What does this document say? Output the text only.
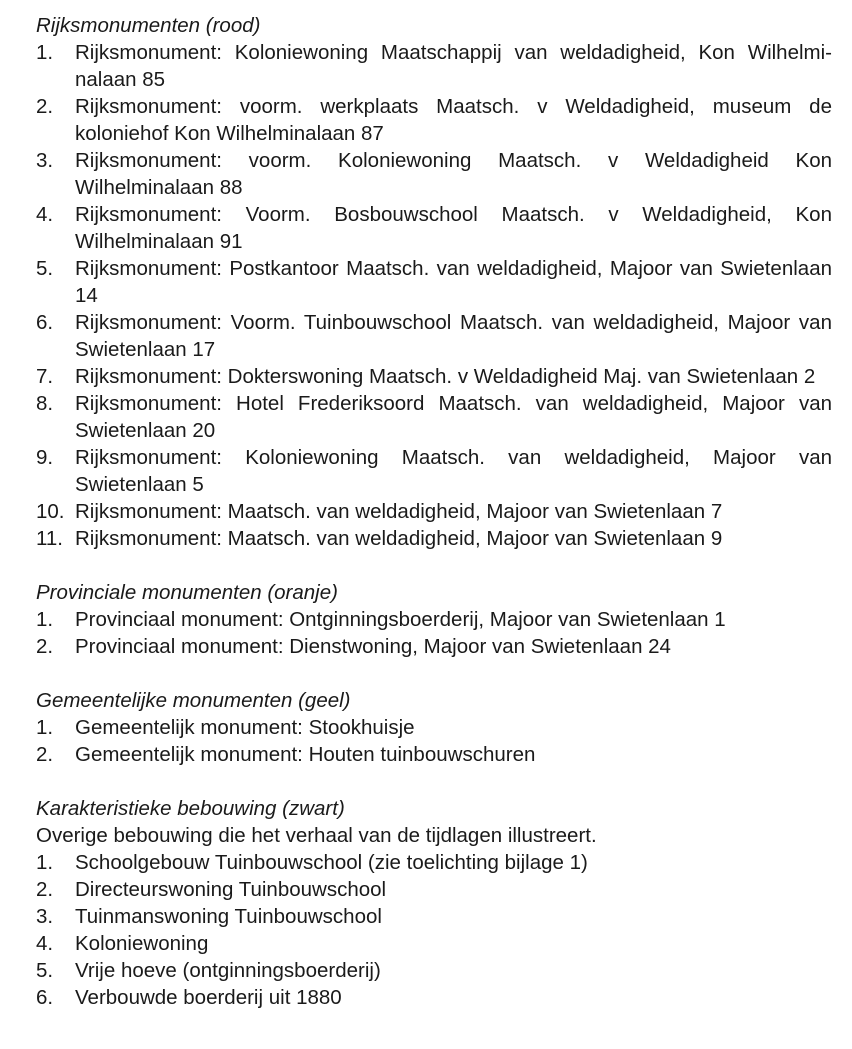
Rijksmonumenten (rood)

1.	Rijksmonument: Koloniewoning Maatschappij van weldadigheid, Kon Wilhelminalaan 85
2.	Rijksmonument: voorm. werkplaats Maatsch. v Weldadigheid, museum de koloniehof Kon Wilhelminalaan 87
3.	Rijksmonument: voorm. Koloniewoning Maatsch. v Weldadigheid Kon Wilhelminalaan 88
4.	Rijksmonument: Voorm. Bosbouwschool Maatsch. v Weldadigheid, Kon Wilhelminalaan 91
5.	Rijksmonument: Postkantoor Maatsch. van weldadigheid, Majoor van Swietenlaan 14
6.	Rijksmonument: Voorm. Tuinbouwschool Maatsch. van weldadigheid, Majoor van Swietenlaan 17
7.	Rijksmonument: Dokterswoning Maatsch. v Weldadigheid Maj. van Swietenlaan 2
8.	Rijksmonument: Hotel Frederiksoord Maatsch. van weldadigheid, Majoor van Swietenlaan 20
9.	Rijksmonument: Koloniewoning Maatsch. van weldadigheid, Majoor van Swietenlaan 5
10. Rijksmonument: Maatsch. van weldadigheid, Majoor van Swietenlaan 7
11. Rijksmonument: Maatsch. van weldadigheid, Majoor van Swietenlaan 9

Provinciale monumenten (oranje)

1.	Provinciaal monument: Ontginningsboerderij, Majoor van Swietenlaan 1
2.	Provinciaal monument: Dienstwoning, Majoor van Swietenlaan 24

Gemeentelijke monumenten (geel)

1.	Gemeentelijk monument: Stookhuisje
2.	Gemeentelijk monument: Houten tuinbouwschuren

Karakteristieke bebouwing (zwart)

Overige bebouwing die het verhaal van de tijdlagen illustreert.

1.	Schoolgebouw Tuinbouwschool (zie toelichting bijlage 1)
2.	Directeurswoning Tuinbouwschool
3.	Tuinmanswoning Tuinbouwschool
4.	Koloniewoning
5.	Vrije hoeve (ontginningsboerderij)
6.	Verbouwde boerderij uit 1880
